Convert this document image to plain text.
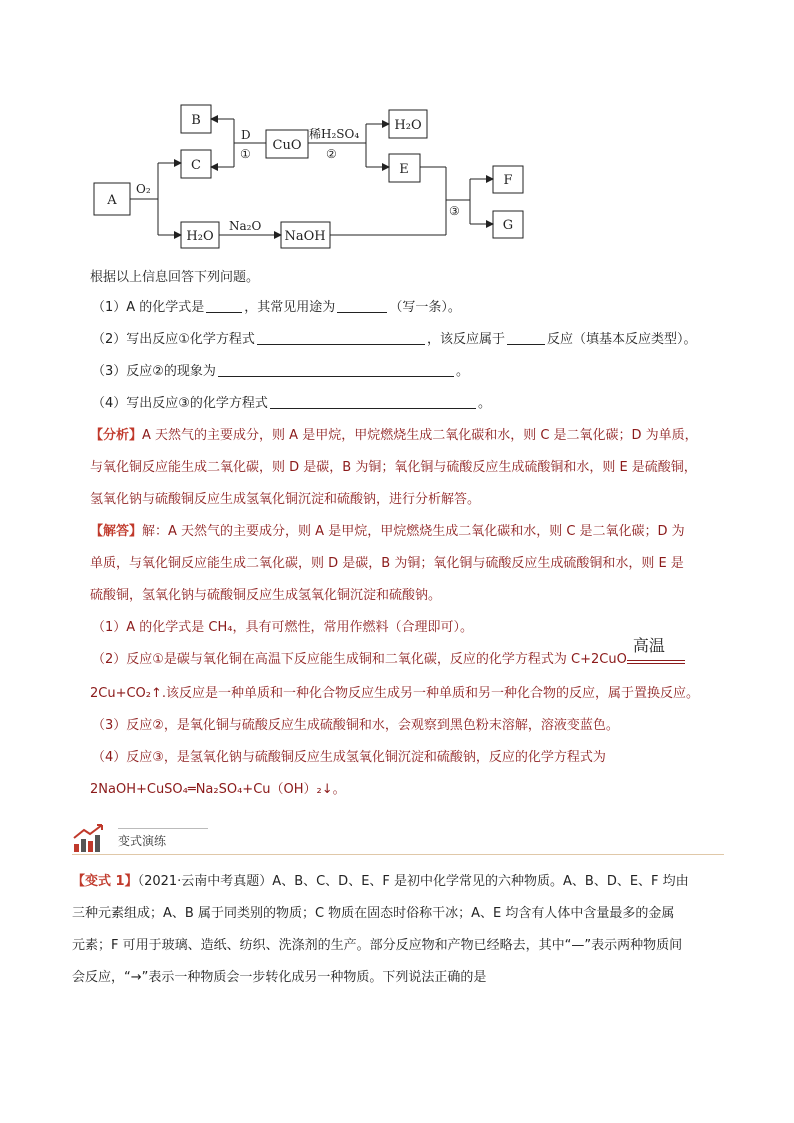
A
B
C
CuO
H₂O
E
F
G
H₂O	NaOH
O₂
D
①
稀H₂SO₄
②
Na₂O
③
根据以上信息回答下列问题。
（1）A 的化学式是	，其常见用途为	（写一条）。
（2）写出反应①化学方程式	，该反应属于	反应（填基本反应类型）。
（3）反应②的现象为	。
（4）写出反应③的化学方程式	。
【分析】A 天然气的主要成分，则 A 是甲烷，甲烷燃烧生成二氧化碳和水，则 C 是二氧化碳；D 为单质，
与氧化铜反应能生成二氧化碳，则 D 是碳，B 为铜；氧化铜与硫酸反应生成硫酸铜和水，则 E 是硫酸铜，
氢氧化钠与硫酸铜反应生成氢氧化铜沉淀和硫酸钠，进行分析解答。
【解答】解：A 天然气的主要成分，则 A 是甲烷，甲烷燃烧生成二氧化碳和水，则 C 是二氧化碳；D 为
单质，与氧化铜反应能生成二氧化碳，则 D 是碳，B 为铜；氧化铜与硫酸反应生成硫酸铜和水，则 E 是
硫酸铜，氢氧化钠与硫酸铜反应生成氢氧化铜沉淀和硫酸钠。
（1）A 的化学式是 CH₄，具有可燃性，常用作燃料（合理即可）。
（2）反应①是碳与氧化铜在高温下反应能生成铜和二氧化碳，反应的化学方程式为 C+2CuO
高温
2Cu+CO₂↑.该反应是一种单质和一种化合物反应生成另一种单质和另一种化合物的反应，属于置换反应。
（3）反应②，是氧化铜与硫酸反应生成硫酸铜和水，会观察到黑色粉末溶解，溶液变蓝色。
（4）反应③，是氢氧化钠与硫酸铜反应生成氢氧化铜沉淀和硫酸钠，反应的化学方程式为
2NaOH+CuSO₄═Na₂SO₄+Cu（OH）₂↓。
变式演练
【变式 1】（2021·云南中考真题）A、B、C、D、E、F 是初中化学常见的六种物质。A、B、D、E、F 均由
三种元素组成；A、B 属于同类别的物质；C 物质在固态时俗称干冰；A、E 均含有人体中含量最多的金属
元素；F 可用于玻璃、造纸、纺织、洗涤剂的生产。部分反应物和产物已经略去，其中“—”表示两种物质间
会反应，“→”表示一种物质会一步转化成另一种物质。下列说法正确的是
